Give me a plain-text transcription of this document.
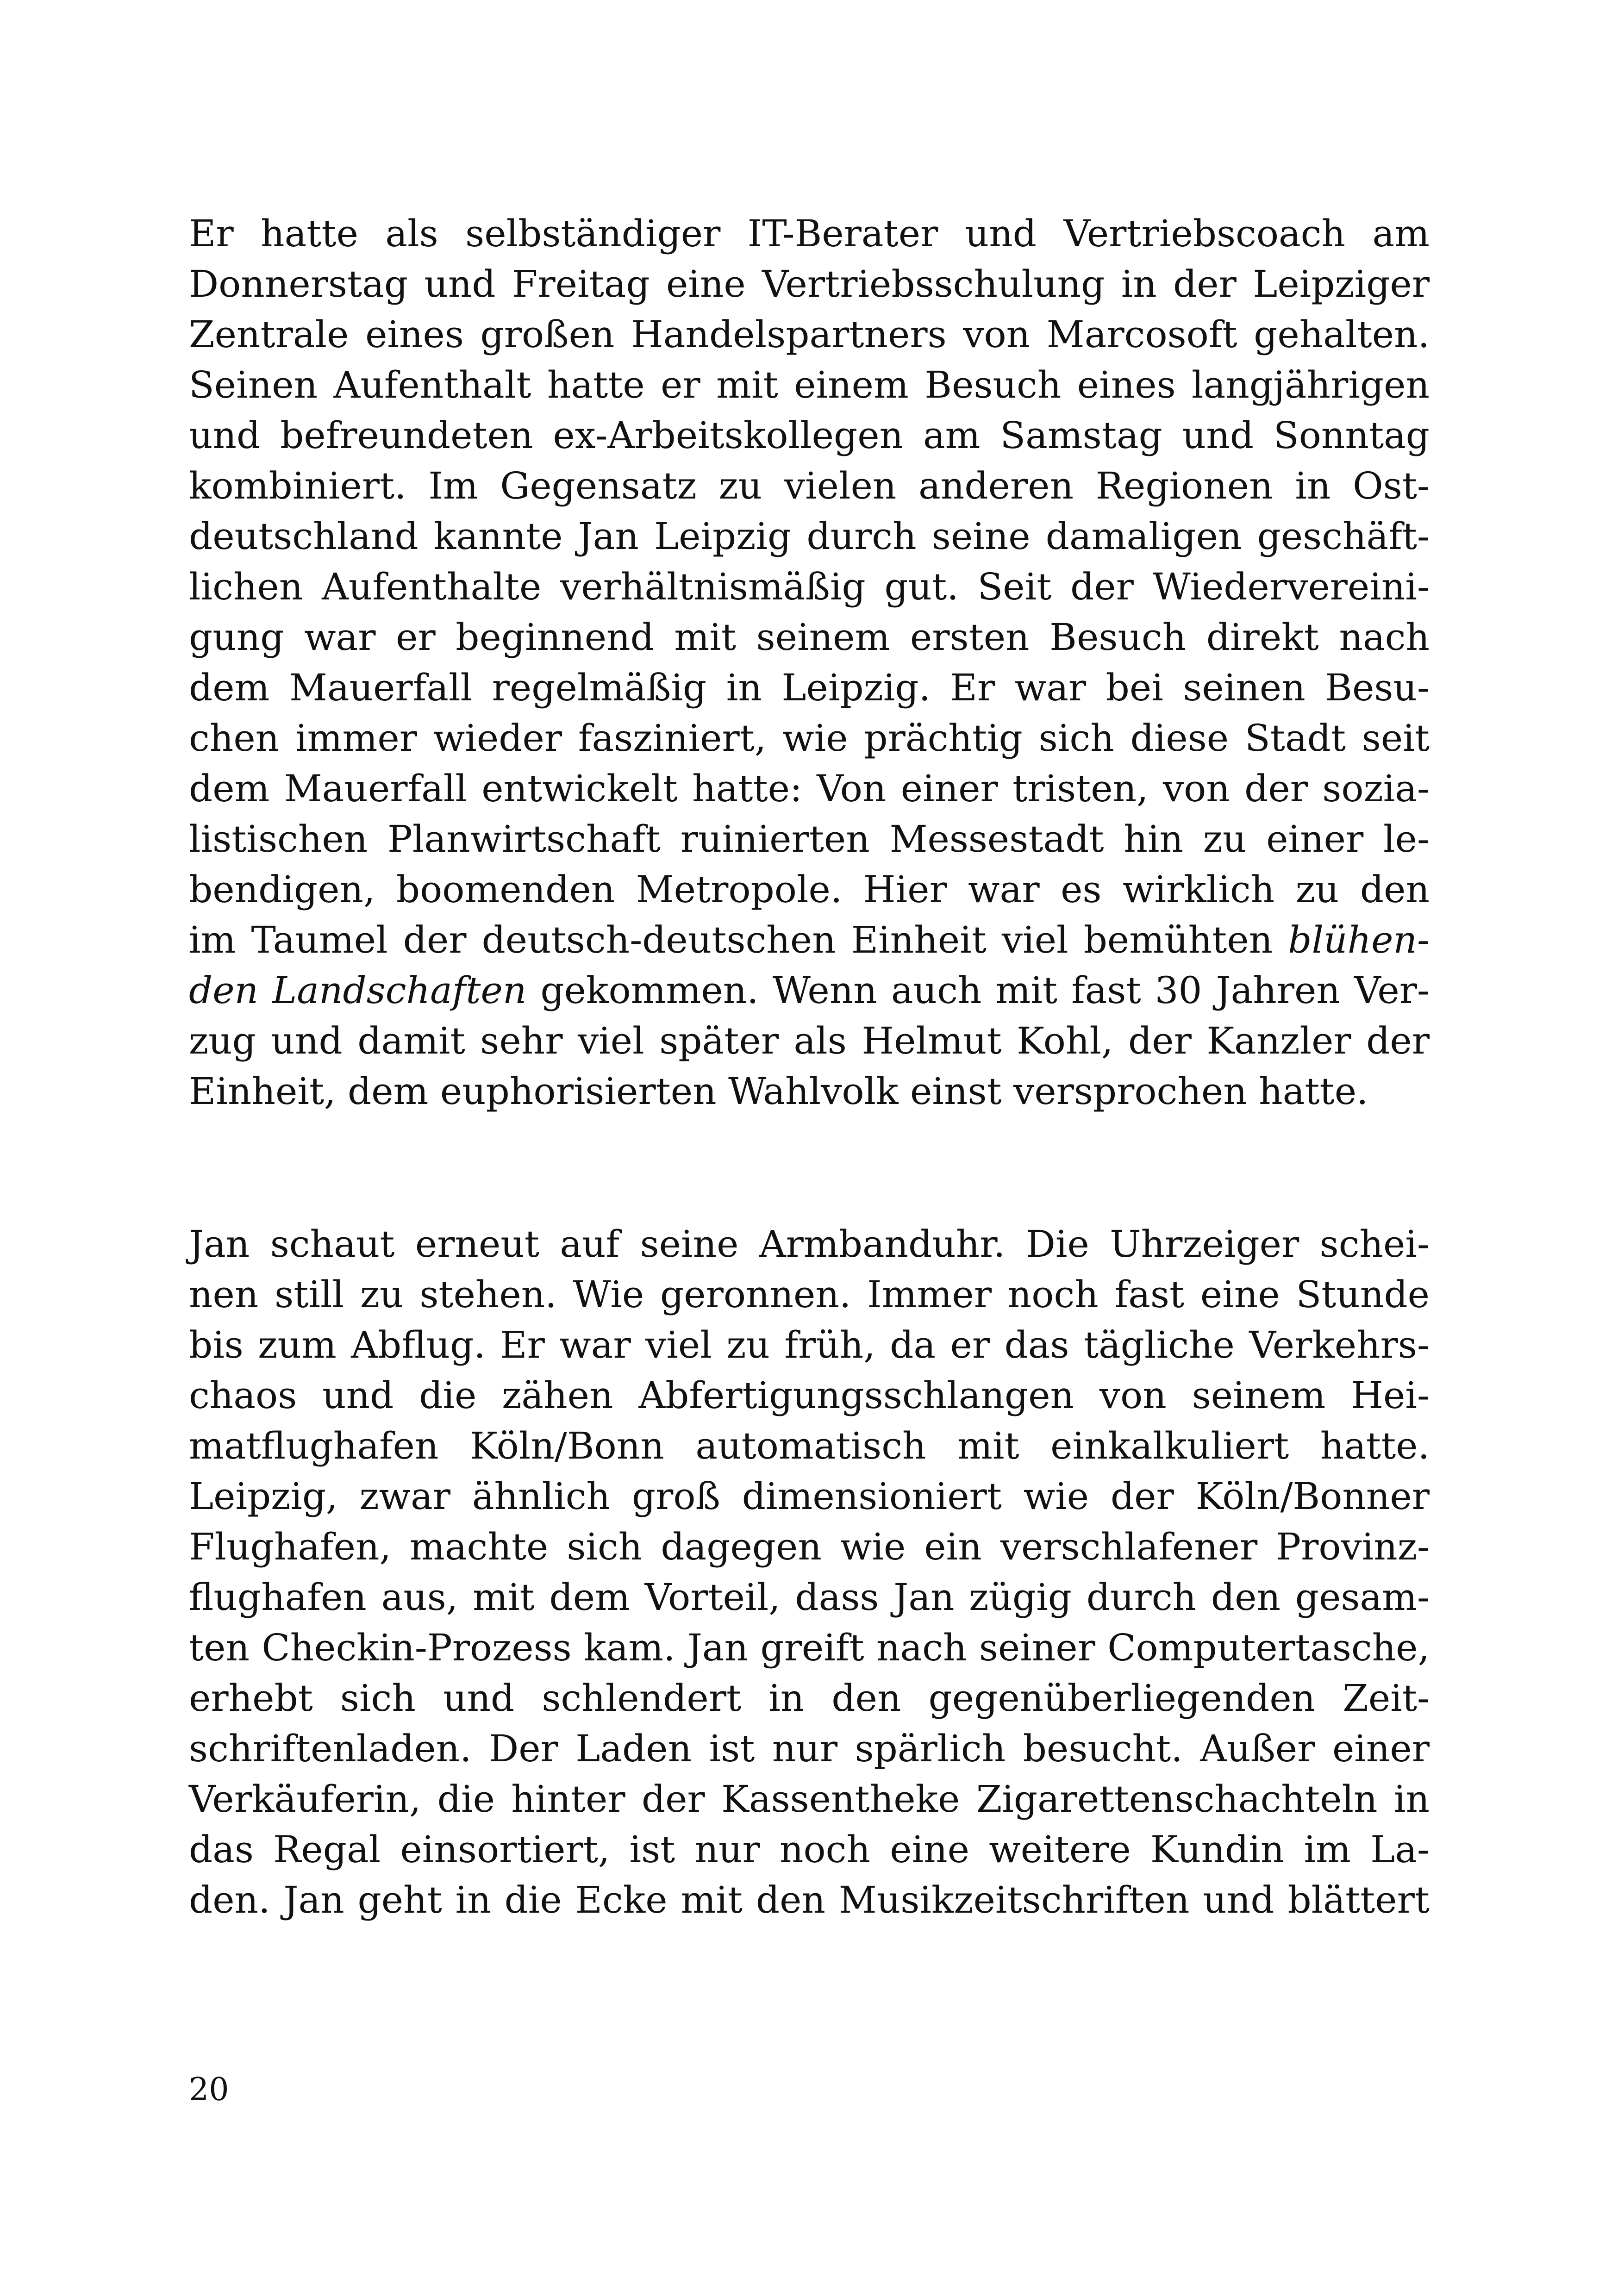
Er hatte als selbständiger IT-Berater und Vertriebscoach am
Donnerstag und Freitag eine Vertriebsschulung in der Leipziger
Zentrale eines großen Handelspartners von Marcosoft gehalten.
Seinen Aufenthalt hatte er mit einem Besuch eines langjährigen
und befreundeten ex-Arbeitskollegen am Samstag und Sonntag
kombiniert. Im Gegensatz zu vielen anderen Regionen in Ost-
deutschland kannte Jan Leipzig durch seine damaligen geschäft-
lichen Aufenthalte verhältnismäßig gut. Seit der Wiedervereini-
gung war er beginnend mit seinem ersten Besuch direkt nach
dem Mauerfall regelmäßig in Leipzig. Er war bei seinen Besu-
chen immer wieder fasziniert, wie prächtig sich diese Stadt seit
dem Mauerfall entwickelt hatte: Von einer tristen, von der sozia-
listischen Planwirtschaft ruinierten Messestadt hin zu einer le-
bendigen, boomenden Metropole. Hier war es wirklich zu den
im Taumel der deutsch-deutschen Einheit viel bemühten blühen-
den Landschaften gekommen. Wenn auch mit fast 30 Jahren Ver-
zug und damit sehr viel später als Helmut Kohl, der Kanzler der
Einheit, dem euphorisierten Wahlvolk einst versprochen hatte.
Jan schaut erneut auf seine Armbanduhr. Die Uhrzeiger schei-
nen still zu stehen. Wie geronnen. Immer noch fast eine Stunde
bis zum Abflug. Er war viel zu früh, da er das tägliche Verkehrs-
chaos und die zähen Abfertigungsschlangen von seinem Hei-
matflughafen Köln/Bonn automatisch mit einkalkuliert hatte.
Leipzig, zwar ähnlich groß dimensioniert wie der Köln/Bonner
Flughafen, machte sich dagegen wie ein verschlafener Provinz-
flughafen aus, mit dem Vorteil, dass Jan zügig durch den gesam-
ten Checkin-Prozess kam. Jan greift nach seiner Computertasche,
erhebt sich und schlendert in den gegenüberliegenden Zeit-
schriftenladen. Der Laden ist nur spärlich besucht. Außer einer
Verkäuferin, die hinter der Kassentheke Zigarettenschachteln in
das Regal einsortiert, ist nur noch eine weitere Kundin im La-
den. Jan geht in die Ecke mit den Musikzeitschriften und blättert
20
